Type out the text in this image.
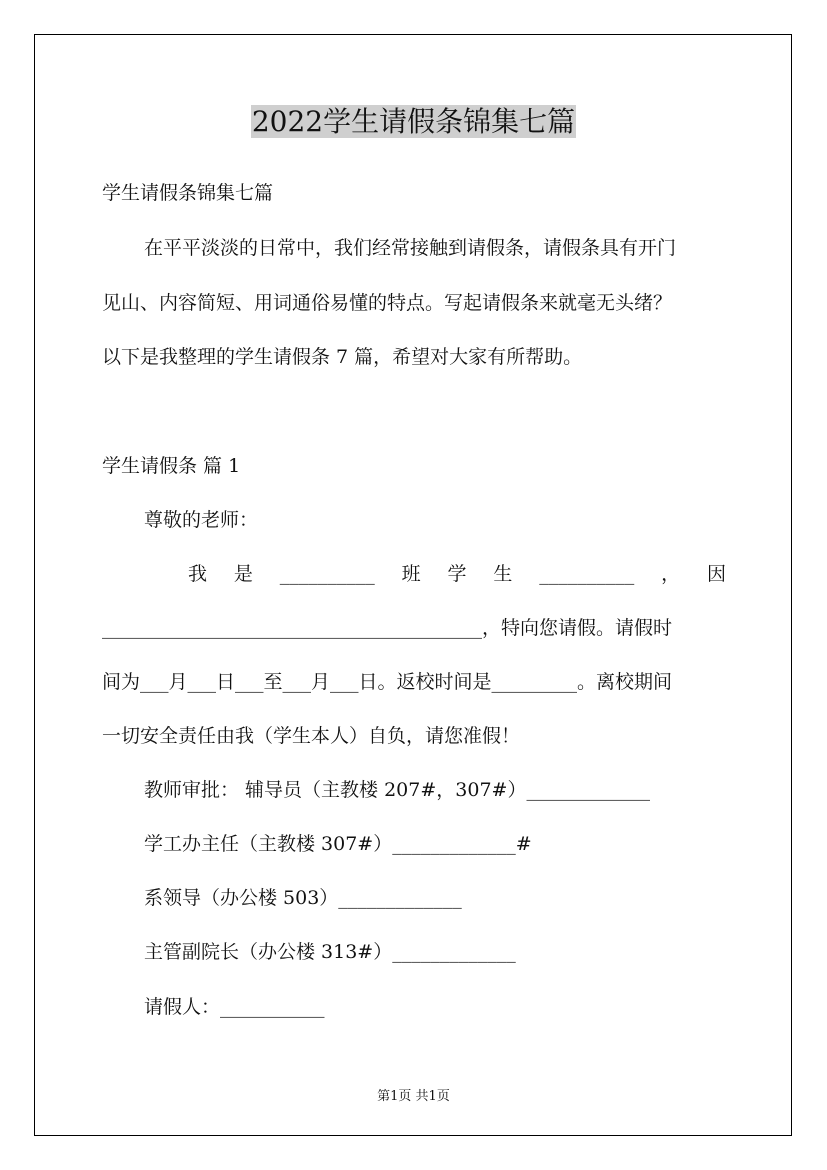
2022学生请假条锦集七篇
学生请假条锦集七篇
在平平淡淡的日常中，我们经常接触到请假条，请假条具有开门
见山、内容简短、用词通俗易懂的特点。写起请假条来就毫无头绪？
以下是我整理的学生请假条 7 篇，希望对大家有所帮助。
学生请假条 篇 1
尊敬的老师：
我 是 __________ 班 学 生 __________ ， 因
________________________________________，特向您请假。请假时
间为___月___日___至___月___日。返校时间是_________。离校期间
一切安全责任由我（学生本人）自负，请您准假！
教师审批： 辅导员（主教楼 207#，307#）_____________
学工办主任（主教楼 307#）_____________#
系领导（办公楼 503）_____________
主管副院长（办公楼 313#）_____________
请假人：___________
第1页 共1页
